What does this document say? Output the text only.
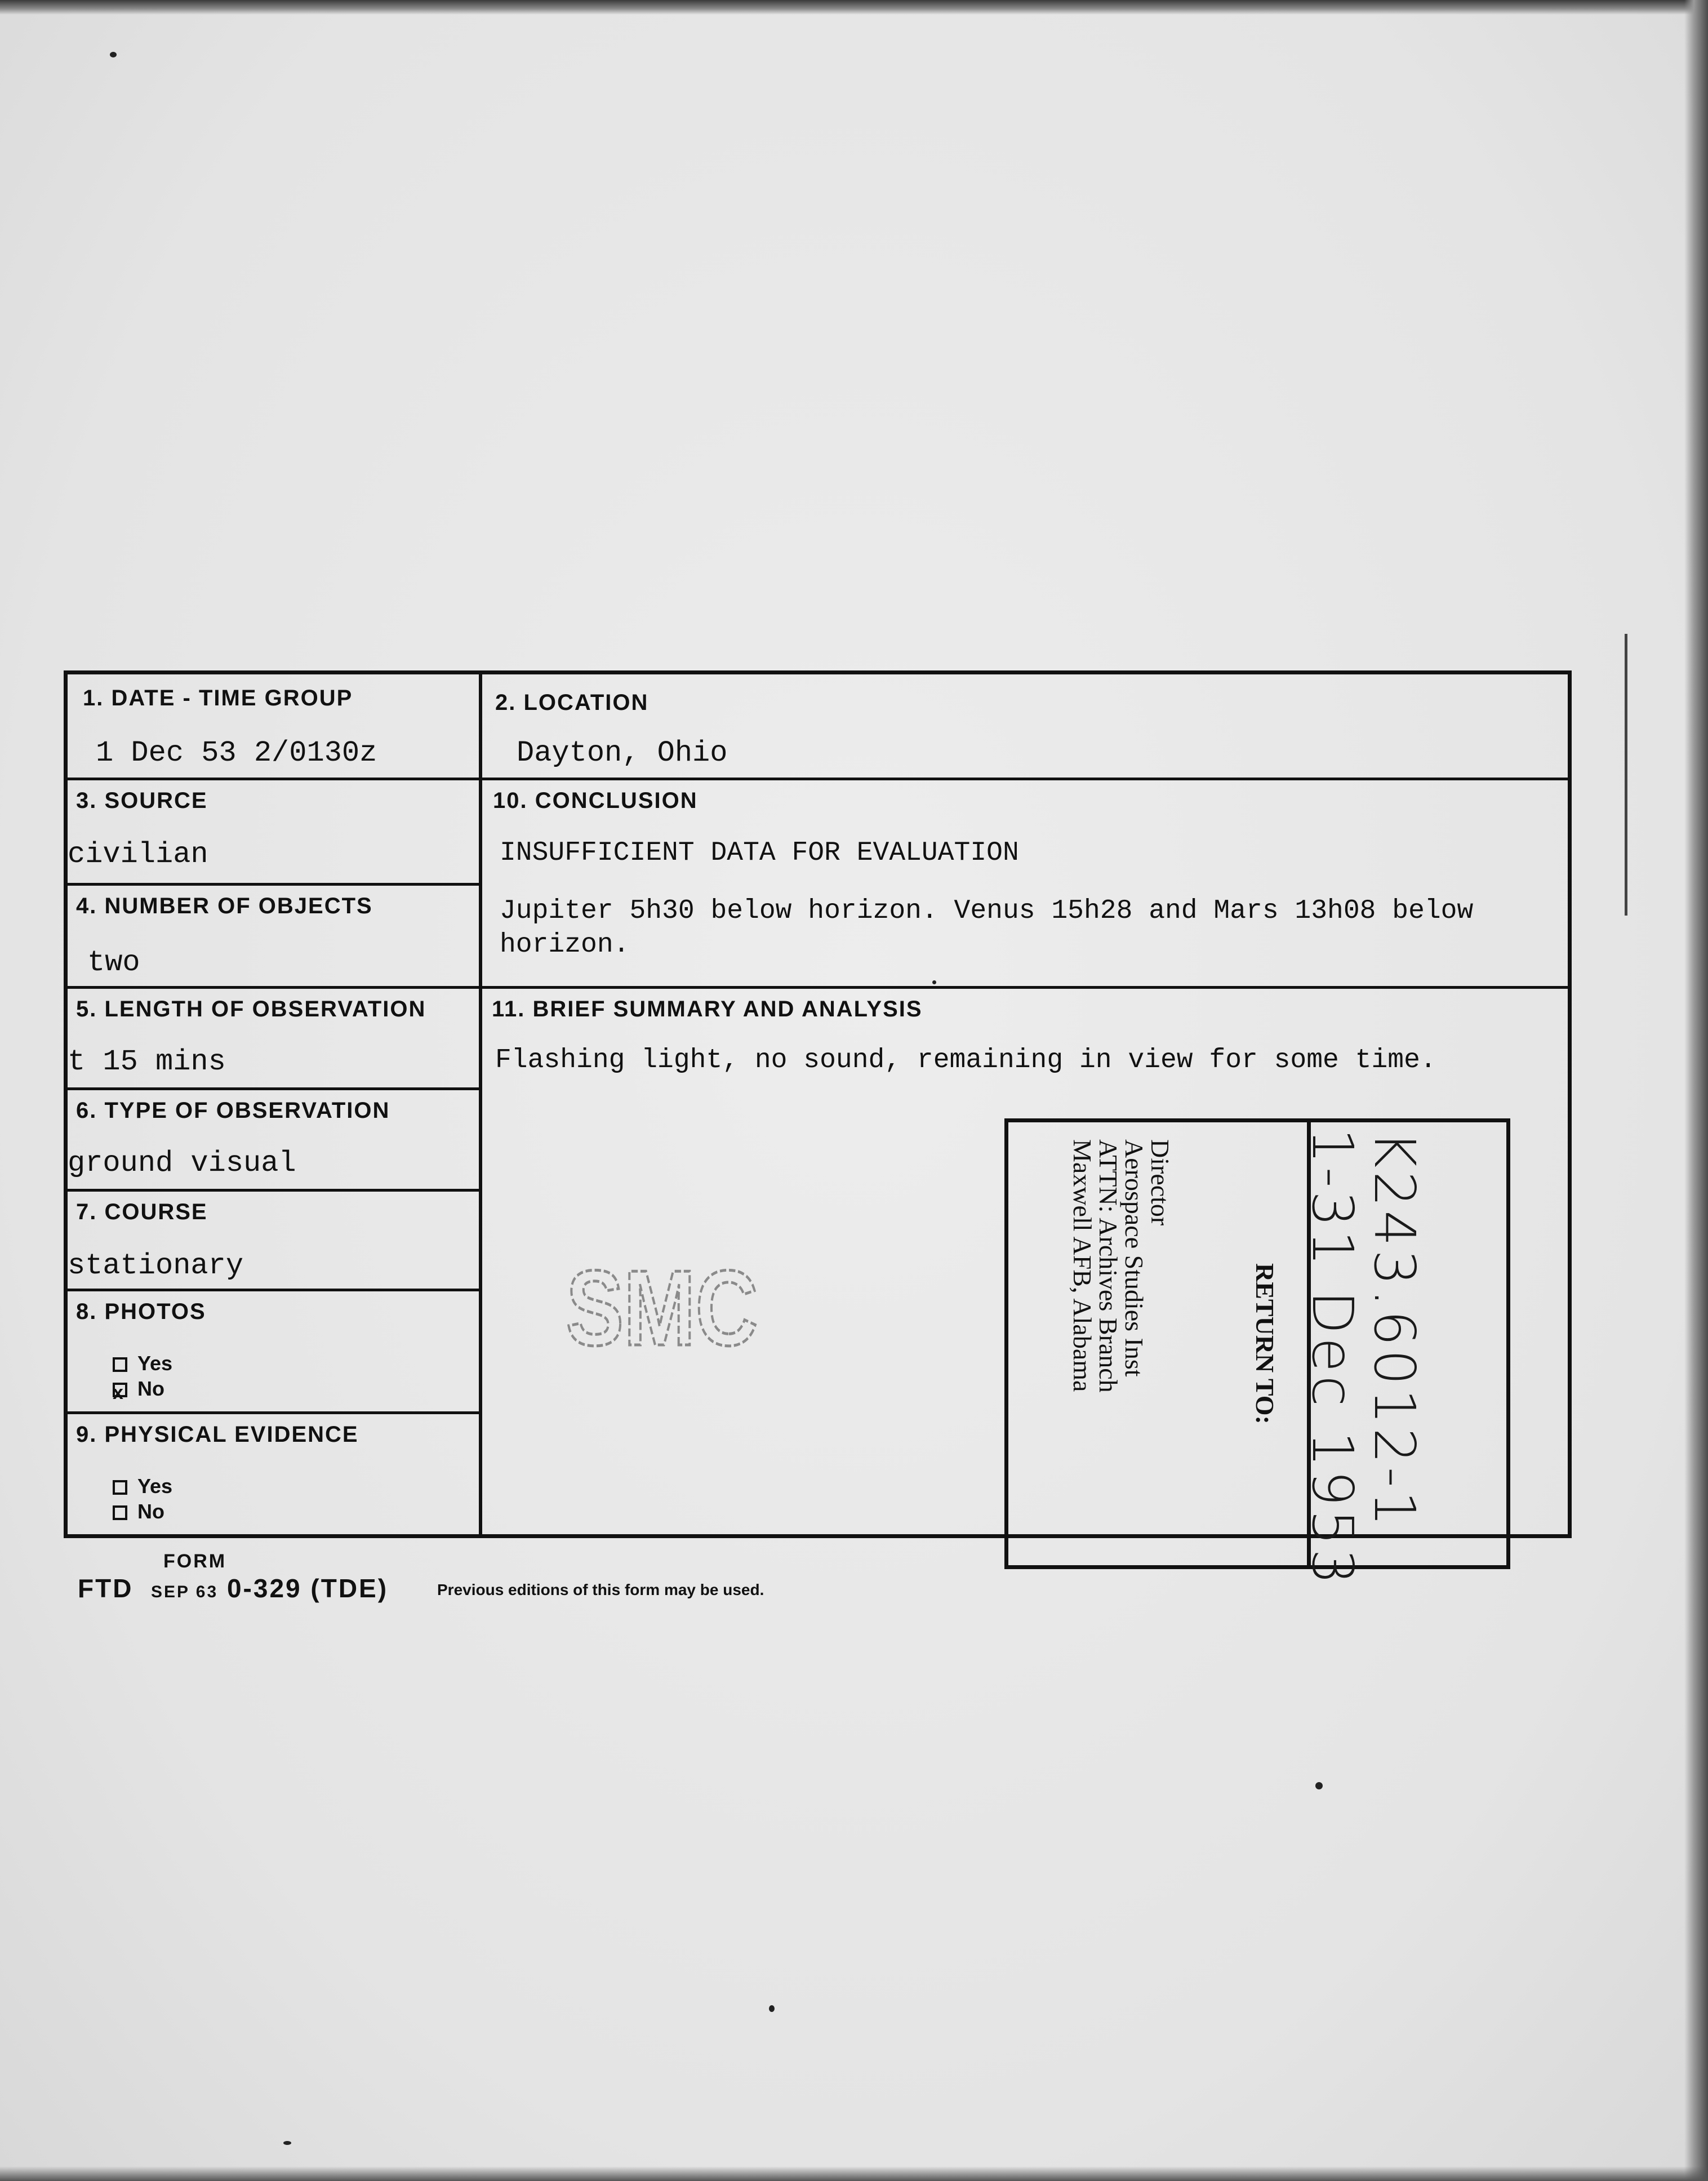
1. DATE - TIME GROUP
1 Dec 53 2/0130z
2. LOCATION
Dayton, Ohio
3. SOURCE
civilian
4. NUMBER OF OBJECTS
two
10. CONCLUSION
INSUFFICIENT DATA FOR EVALUATION
Jupiter 5h30 below horizon. Venus 15h28 and Mars 13h08 below horizon.
5. LENGTH OF OBSERVATION
t 15 mins
11. BRIEF SUMMARY AND ANALYSIS
Flashing light, no sound, remaining in view for some time.
6. TYPE OF OBSERVATION
ground visual
7. COURSE
stationary
8. PHOTOS
Yes
x No
9. PHYSICAL EVIDENCE
Yes
No
SMC
Director
Aerospace Studies Inst
ATTN: Archives Branch
Maxwell AFB, Alabama	RETURN TO: K243.6012-1
1-31 Dec 1953
FORM
FTD SEP 63 0-329 (TDE)	Previous editions of this form may be used.
